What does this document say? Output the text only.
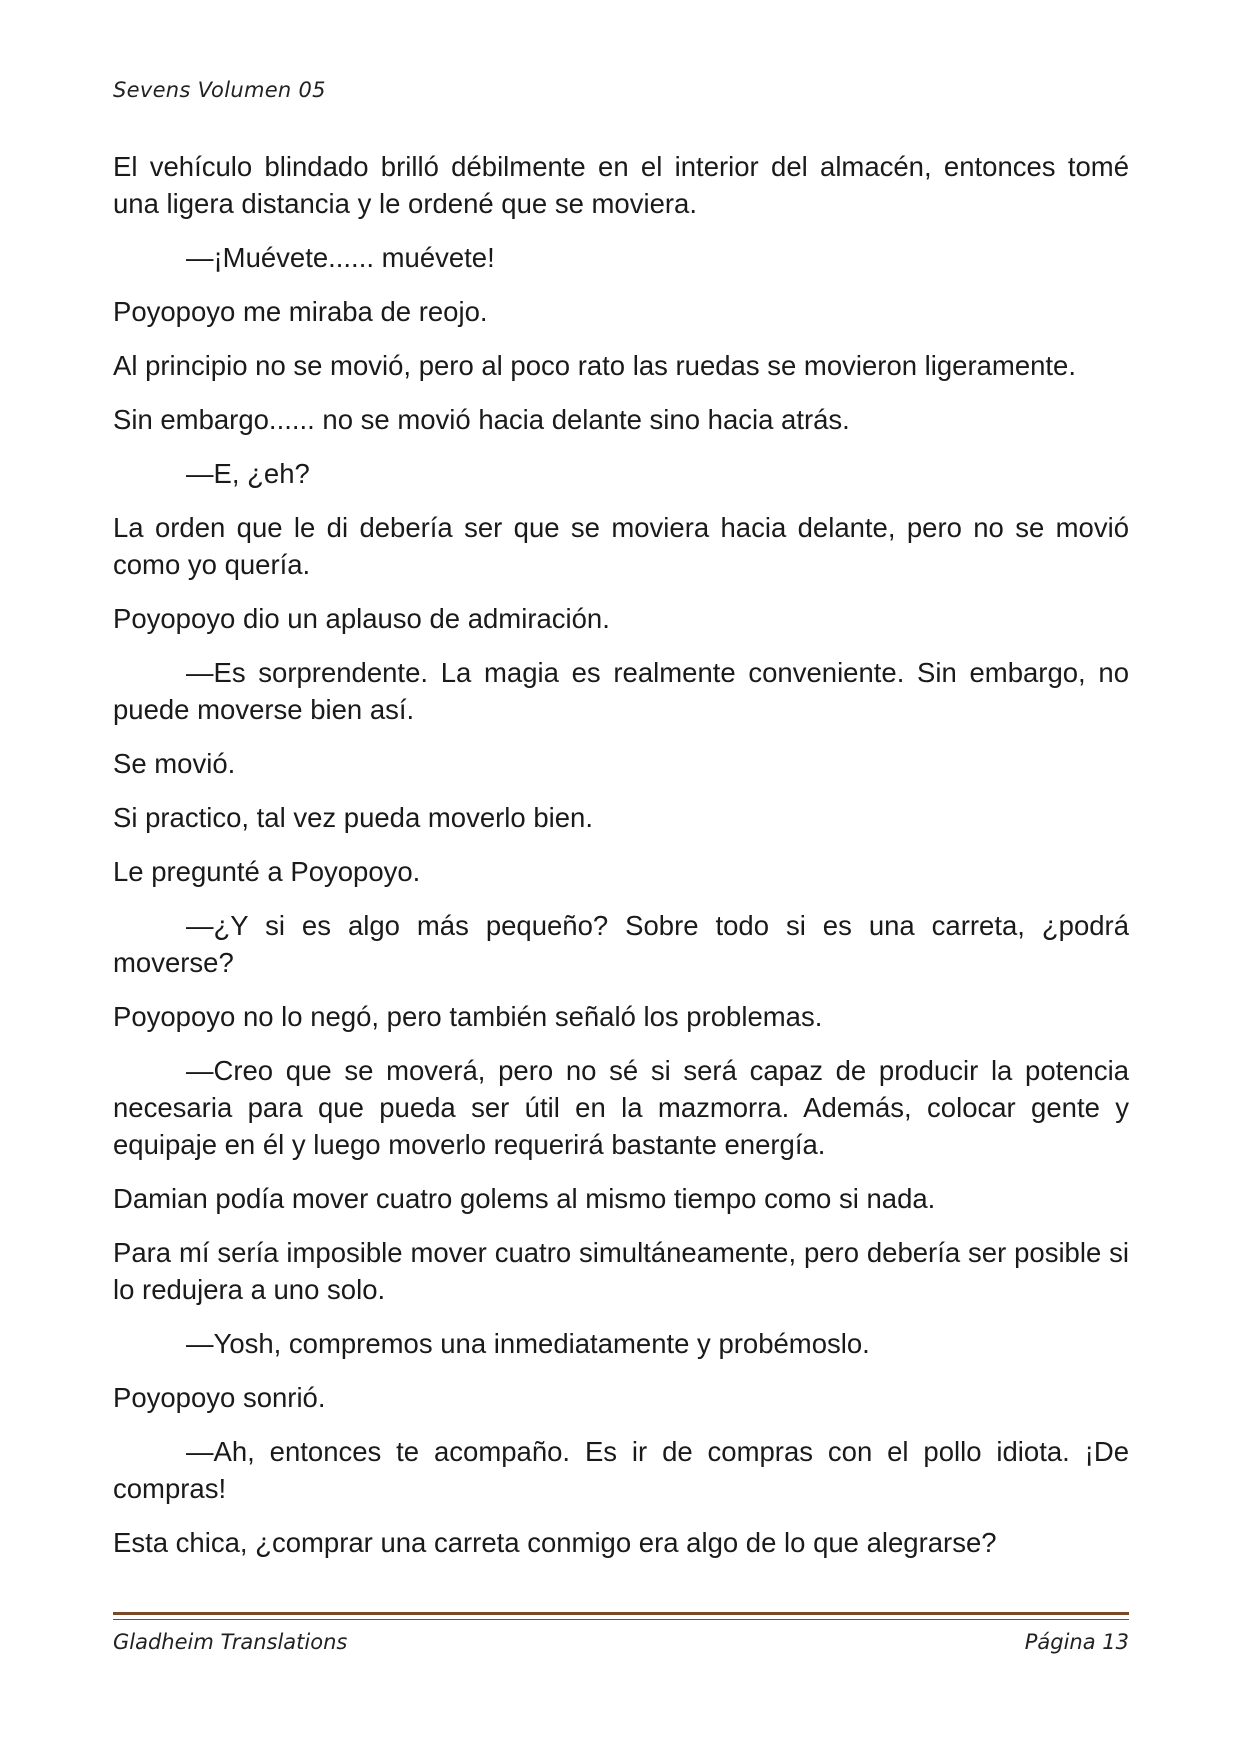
Sevens Volumen 05

El vehículo blindado brilló débilmente en el interior del almacén, entonces tomé una ligera distancia y le ordené que se moviera.

—¡Muévete...... muévete!

Poyopoyo me miraba de reojo.

Al principio no se movió, pero al poco rato las ruedas se movieron ligeramente.

Sin embargo...... no se movió hacia delante sino hacia atrás.

—E, ¿eh?

La orden que le di debería ser que se moviera hacia delante, pero no se movió como yo quería.

Poyopoyo dio un aplauso de admiración.

—Es sorprendente. La magia es realmente conveniente. Sin embargo, no puede moverse bien así.

Se movió.

Si practico, tal vez pueda moverlo bien.

Le pregunté a Poyopoyo.

—¿Y si es algo más pequeño? Sobre todo si es una carreta, ¿podrá moverse?

Poyopoyo no lo negó, pero también señaló los problemas.

—Creo que se moverá, pero no sé si será capaz de producir la potencia necesaria para que pueda ser útil en la mazmorra. Además, colocar gente y equipaje en él y luego moverlo requerirá bastante energía.

Damian podía mover cuatro golems al mismo tiempo como si nada.

Para mí sería imposible mover cuatro simultáneamente, pero debería ser posible si lo redujera a uno solo.

—Yosh, compremos una inmediatamente y probémoslo.

Poyopoyo sonrió.

—Ah, entonces te acompaño. Es ir de compras con el pollo idiota. ¡De compras!

Esta chica, ¿comprar una carreta conmigo era algo de lo que alegrarse?

Gladheim Translations	Página 13
